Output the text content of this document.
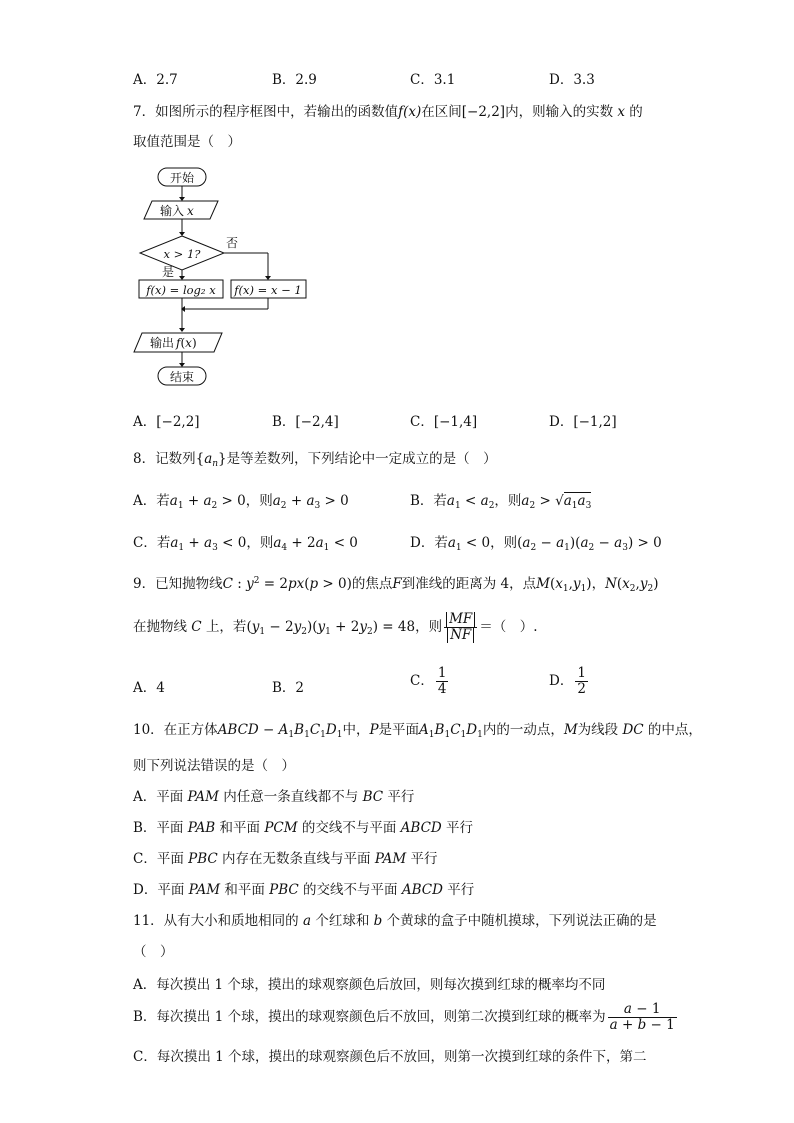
A．2.7	B．2.9	C．3.1	D．3.3
7．如图所示的程序框图中，若输出的函数值f(x)在区间[−2,2]内，则输入的实数 x 的
取值范围是（　）
开始
输入 x
x > 1?
否
是
f(x) = log₂ x f(x) = x − 1
输出 f(x)
结束
A．[−2,2]	B．[−2,4]	C．[−1,4]	D．[−1,2]
8．记数列$\{a_n\}$是等差数列，下列结论中一定成立的是（　）
A．若$a_1 + a_2 > 0$，则$a_2 + a_3 > 0$	B．若$a_1 < a_2$，则$a_2 > √a_1a_3$
C．若$a_1 + a_3 < 0$，则$a_4 + 2a_1 < 0$	D．若$a_1 < 0$，则$(a_2 - a_1)(a_2 - a_3) > 0$
9．已知抛物线C : $y^2 = 2px(p > 0)$的焦点F到准线的距离为 4，点$M(x_1,y_1)$，$N(x_2,y_2)$
在抛物线 C 上，若$(y_1 - 2y_2)(y_1 + 2y_2) = 48$，则 $\frac{MF}{NF}$ ＝（　）.
A．4	B．2	C． $\frac{1}{4}$	D． $\frac{1}{2}$
10．在正方体ABCD − $A_1B_1C_1D_1$中，P是平面$A_1B_1C_1D_1$内的一动点，M为线段 DC 的中点，
则下列说法错误的是（　）
A．平面 PAM 内任意一条直线都不与 BC 平行
B．平面 PAB 和平面 PCM 的交线不与平面 ABCD 平行
C．平面 PBC 内存在无数条直线与平面 PAM 平行
D．平面 PAM 和平面 PBC 的交线不与平面 ABCD 平行
11．从有大小和质地相同的 a 个红球和 b 个黄球的盒子中随机摸球，下列说法正确的是
（　）
A．每次摸出 1 个球，摸出的球观察颜色后放回，则每次摸到红球的概率均不同
B．每次摸出 1 个球，摸出的球观察颜色后不放回，则第二次摸到红球的概率为 $\frac{a - 1}{a + b - 1}$
C．每次摸出 1 个球，摸出的球观察颜色后不放回，则第一次摸到红球的条件下，第二
